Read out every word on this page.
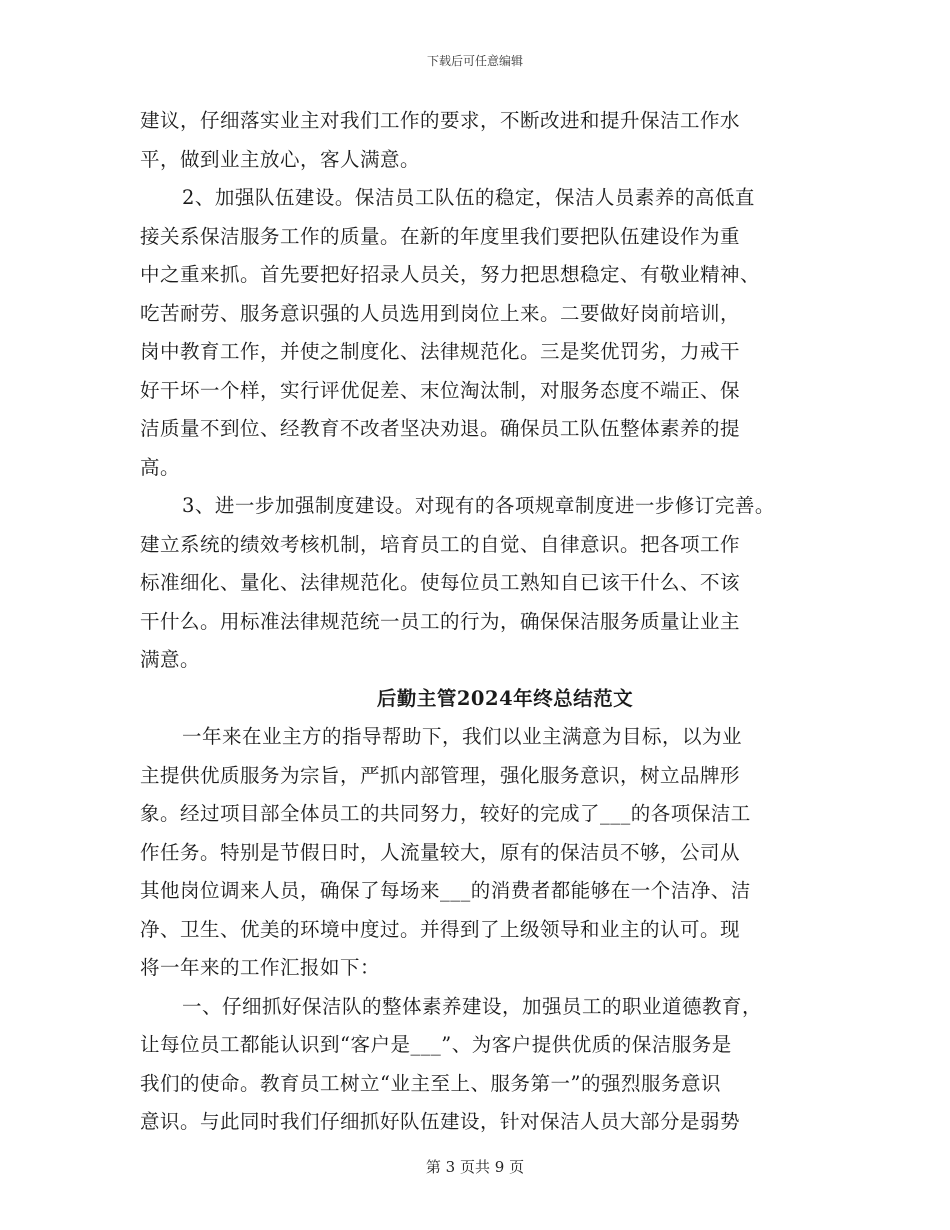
下载后可任意编辑
建议，仔细落实业主对我们工作的要求，不断改进和提升保洁工作水
平，做到业主放心，客人满意。
2、加强队伍建设。保洁员工队伍的稳定，保洁人员素养的高低直
接关系保洁服务工作的质量。在新的年度里我们要把队伍建设作为重
中之重来抓。首先要把好招录人员关，努力把思想稳定、有敬业精神、
吃苦耐劳、服务意识强的人员选用到岗位上来。二要做好岗前培训，
岗中教育工作，并使之制度化、法律规范化。三是奖优罚劣，力戒干
好干坏一个样，实行评优促差、末位淘汰制，对服务态度不端正、保
洁质量不到位、经教育不改者坚决劝退。确保员工队伍整体素养的提
高。
3、进一步加强制度建设。对现有的各项规章制度进一步修订完善。
建立系统的绩效考核机制，培育员工的自觉、自律意识。把各项工作
标准细化、量化、法律规范化。使每位员工熟知自已该干什么、不该
干什么。用标准法律规范统一员工的行为，确保保洁服务质量让业主
满意。
后勤主管2024年终总结范文
一年来在业主方的指导帮助下，我们以业主满意为目标，以为业
主提供优质服务为宗旨，严抓内部管理，强化服务意识，树立品牌形
象。经过项目部全体员工的共同努力，较好的完成了___的各项保洁工
作任务。特别是节假日时，人流量较大，原有的保洁员不够，公司从
其他岗位调来人员，确保了每场来___的消费者都能够在一个洁净、洁
净、卫生、优美的环境中度过。并得到了上级领导和业主的认可。现
将一年来的工作汇报如下：
一、仔细抓好保洁队的整体素养建设，加强员工的职业道德教育，
让每位员工都能认识到“客户是___”、为客户提供优质的保洁服务是
我们的使命。教育员工树立“业主至上、服务第一”的强烈服务意识
意识。与此同时我们仔细抓好队伍建设，针对保洁人员大部分是弱势
第 3 页共 9 页
